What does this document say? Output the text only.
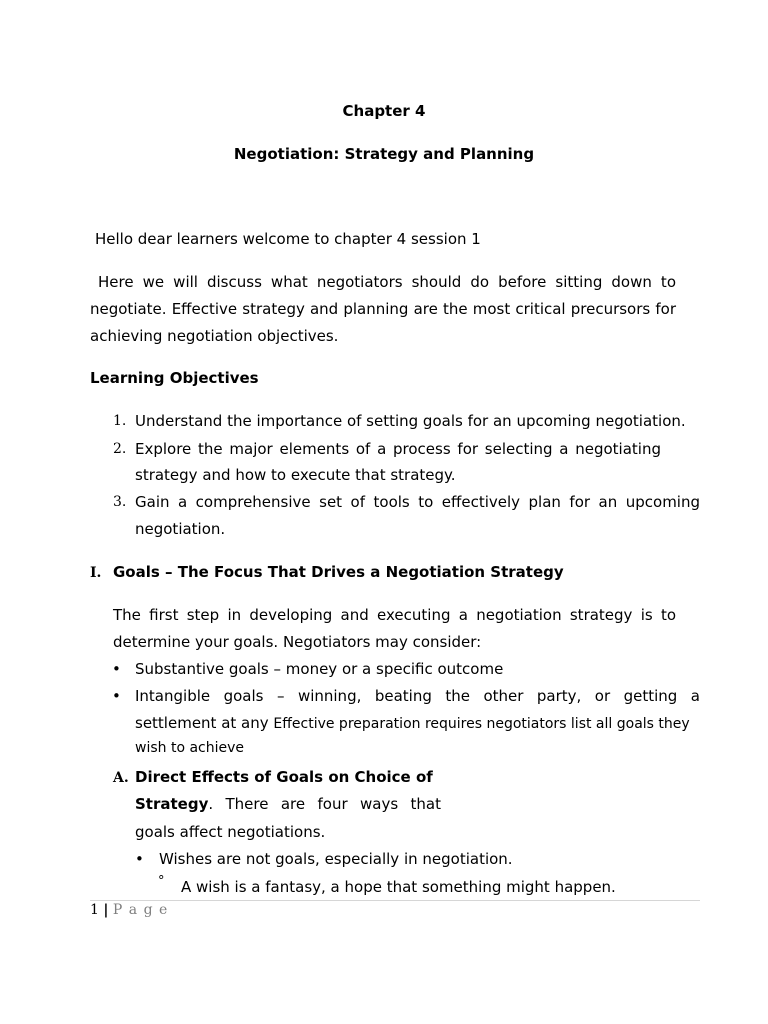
Chapter 4
Negotiation: Strategy and Planning
Hello dear learners welcome to chapter 4 session 1
Here we will discuss what negotiators should do before sitting down to
negotiate. Effective strategy and planning are the most critical precursors for
achieving negotiation objectives.
Learning Objectives
1. Understand the importance of setting goals for an upcoming negotiation.
2. Explore the major elements of a process for selecting a negotiating
strategy and how to execute that strategy.
3. Gain a comprehensive set of tools to effectively plan for an upcoming
negotiation.
I. Goals – The Focus That Drives a Negotiation Strategy
The first step in developing and executing a negotiation strategy is to
determine your goals. Negotiators may consider:
• Substantive goals – money or a specific outcome
• Intangible goals – winning, beating the other party, or getting a
settlement at any Effective preparation requires negotiators list all goals they
wish to achieve
A. Direct Effects of Goals on Choice of
Strategy . There are four ways that
goals affect negotiations.
• Wishes are not goals, especially in negotiation.
° A wish is a fantasy, a hope that something might happen.
1 | P a g e
